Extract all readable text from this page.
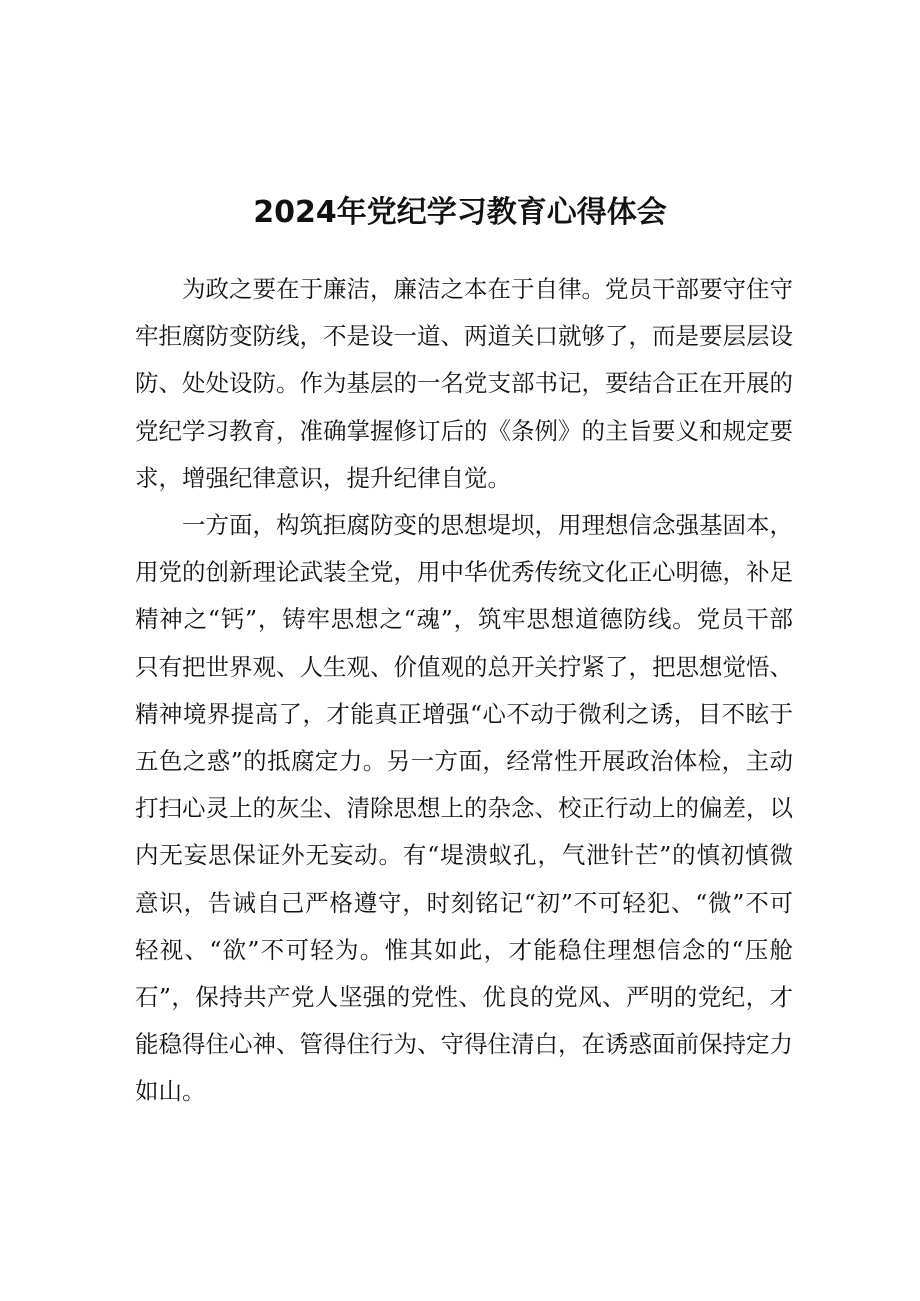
2024年党纪学习教育心得体会

为政之要在于廉洁，廉洁之本在于自律。党员干部要守住守牢拒腐防变防线，不是设一道、两道关口就够了，而是要层层设防、处处设防。作为基层的一名党支部书记，要结合正在开展的党纪学习教育，准确掌握修订后的《条例》的主旨要义和规定要求，增强纪律意识，提升纪律自觉。

一方面，构筑拒腐防变的思想堤坝，用理想信念强基固本，用党的创新理论武装全党，用中华优秀传统文化正心明德，补足精神之“钙”，铸牢思想之“魂”，筑牢思想道德防线。党员干部只有把世界观、人生观、价值观的总开关拧紧了，把思想觉悟、精神境界提高了，才能真正增强“心不动于微利之诱，目不眩于五色之惑”的抵腐定力。另一方面，经常性开展政治体检，主动打扫心灵上的灰尘、清除思想上的杂念、校正行动上的偏差，以内无妄思保证外无妄动。有“堤溃蚁孔，气泄针芒”的慎初慎微意识，告诫自己严格遵守，时刻铭记“初”不可轻犯、“微”不可轻视、“欲”不可轻为。惟其如此，才能稳住理想信念的“压舱石”，保持共产党人坚强的党性、优良的党风、严明的党纪，才能稳得住心神、管得住行为、守得住清白，在诱惑面前保持定力如山。
